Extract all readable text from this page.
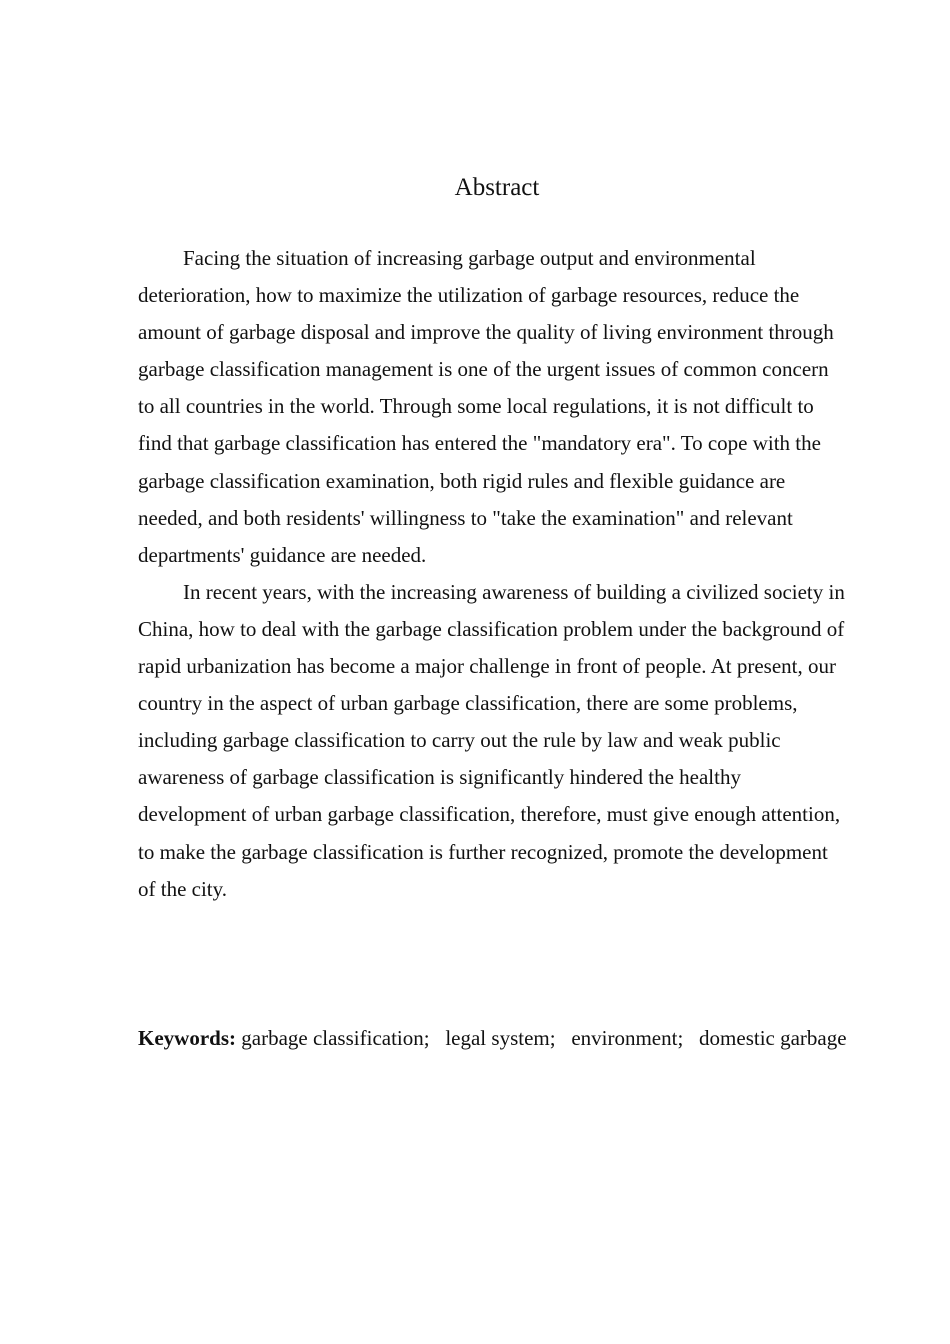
Abstract

Facing the situation of increasing garbage output and environmental deterioration, how to maximize the utilization of garbage resources, reduce the amount of garbage disposal and improve the quality of living environment through garbage classification management is one of the urgent issues of common concern to all countries in the world. Through some local regulations, it is not difficult to find that garbage classification has entered the "mandatory era". To cope with the garbage classification examination, both rigid rules and flexible guidance are needed, and both residents' willingness to "take the examination" and relevant departments' guidance are needed.

In recent years, with the increasing awareness of building a civilized society in China, how to deal with the garbage classification problem under the background of rapid urbanization has become a major challenge in front of people. At present, our country in the aspect of urban garbage classification, there are some problems, including garbage classification to carry out the rule by law and weak public awareness of garbage classification is significantly hindered the healthy development of urban garbage classification, therefore, must give enough attention, to make the garbage classification is further recognized, promote the development of the city.

Keywords: garbage classification;   legal system;   environment;   domestic garbage
